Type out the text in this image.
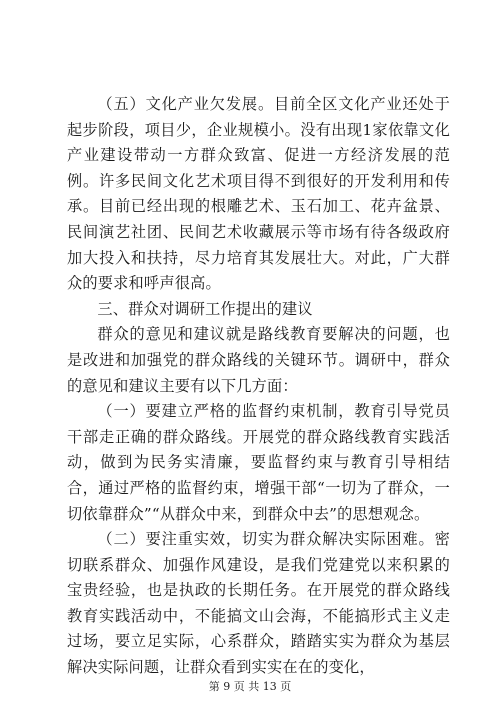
（五）文化产业欠发展。目前全区文化产业还处于起步阶段，项目少，企业规模小。没有出现1家依靠文化产业建设带动一方群众致富、促进一方经济发展的范例。许多民间文化艺术项目得不到很好的开发利用和传承。目前已经出现的根雕艺术、玉石加工、花卉盆景、民间演艺社团、民间艺术收藏展示等市场有待各级政府加大投入和扶持，尽力培育其发展壮大。对此，广大群众的要求和呼声很高。

三、群众对调研工作提出的建议

群众的意见和建议就是路线教育要解决的问题，也是改进和加强党的群众路线的关键环节。调研中，群众的意见和建议主要有以下几方面：

（一）要建立严格的监督约束机制，教育引导党员干部走正确的群众路线。开展党的群众路线教育实践活动，做到为民务实清廉，要监督约束与教育引导相结合，通过严格的监督约束，增强干部“一切为了群众，一切依靠群众”“从群众中来，到群众中去”的思想观念。

（二）要注重实效，切实为群众解决实际困难。密切联系群众、加强作风建设，是我们党建党以来积累的宝贵经验，也是执政的长期任务。在开展党的群众路线教育实践活动中，不能搞文山会海，不能搞形式主义走过场，要立足实际，心系群众，踏踏实实为群众为基层解决实际问题，让群众看到实实在在的变化，

第 9 页 共 13 页
